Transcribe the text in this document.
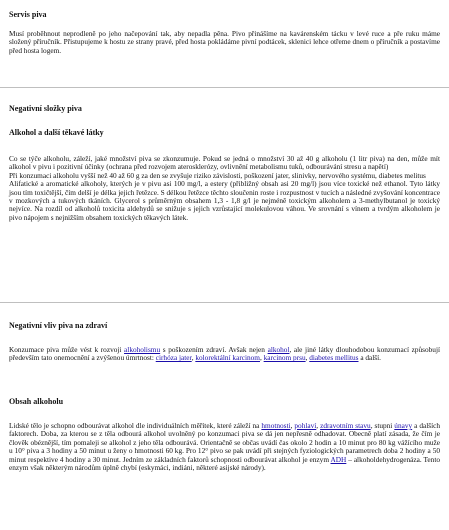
Servis piva
Musí proběhnout neprodleně po jeho načepování tak, aby nepadla pěna. Pivo přinášíme na kavárenském tácku v levé ruce a pře ruku máme složený příručník. Přistupujeme k hostu ze strany pravé, před hosta pokládáme pivní podtácek, sklenici lehce otřeme dnem o příručník a postavíme před hosta logem.
Negativní složky piva
Alkohol a další těkavé látky

Co se týče alkoholu, záleží, jaké množství piva se zkonzumuje. Pokud se jedná o množství 30 až 40 g alkoholu (1 litr piva) na den, může mít alkohol v pivu i pozitivní účinky (ochrana před rozvojem aterosklerózy, ovlivnění metabolismu tuků, odbourávání stresu a napětí)

Při konzumaci alkoholu vyšší než 40 až 60 g za den se zvyšuje riziko závislosti, poškození jater, slinivky, nervového systému, diabetes melitus

Alifatické a aromatické alkoholy, kterých je v pivu asi 100 mg/l, a estery (přibližný obsah asi 20 mg/l) jsou více toxické než ethanol. Tyto látky jsou tím toxičtější, čím delší je délka jejich řetězce. S délkou řetězce těchto sloučenin roste i rozpustnost v tucích a následné zvyšování koncentrace v mozkových a tukových tkáních. Glycerol s průměrným obsahem 1,3 - 1,8 g/l je nejméně toxickým alkoholem a 3-methylbutanol je toxický nejvíce. Na rozdíl od alkoholů toxicita aldehydů se snižuje s jejich vzrůstající molekulovou váhou. Ve srovnání s vínem a tvrdým alkoholem je pivo nápojem s nejnižším obsahem toxických těkavých látek.

Negativní vliv piva na zdraví
Konzumace piva může vést k rozvoji alkoholismu s poškozením zdraví. Avšak nejen alkohol, ale jiné látky dlouhodobou konzumací způsobují především tato onemocnění a zvýšenou úmrtnost: cirhóza jater, kolorektální karcinom, karcinom prsu, diabetes mellitus a další.
Obsah alkoholu
Lidské tělo je schopno odbourávat alkohol dle individuálních měřítek, které záleží na hmotnosti, pohlaví, zdravotním stavu, stupni únavy a dalších faktorech. Doba, za kterou se z těla odbourá alkohol uvolněný po konzumaci piva se dá jen nepřesně odhadovat. Obecně platí zásada, že čím je člověk obéznější, tím pomaleji se alkohol z jeho těla odbourává. Orientačně se občas uvádí čas okolo 2 hodin a 10 minut pro 80 kg vážícího muže u 10° piva a 3 hodiny a 50 minut u ženy o hmotnosti 60 kg. Pro 12° pivo se pak uvádí při stejných fyziologických parametrech doba 2 hodiny a 50 minut respektive 4 hodiny a 30 minut. Jedním ze základních faktorů schopnosti odbourávat alkohol je enzym ADH – alkoholdehydrogenáza. Tento enzym však některým národům úplně chybí (eskymáci, indiáni, některé asijské národy).
